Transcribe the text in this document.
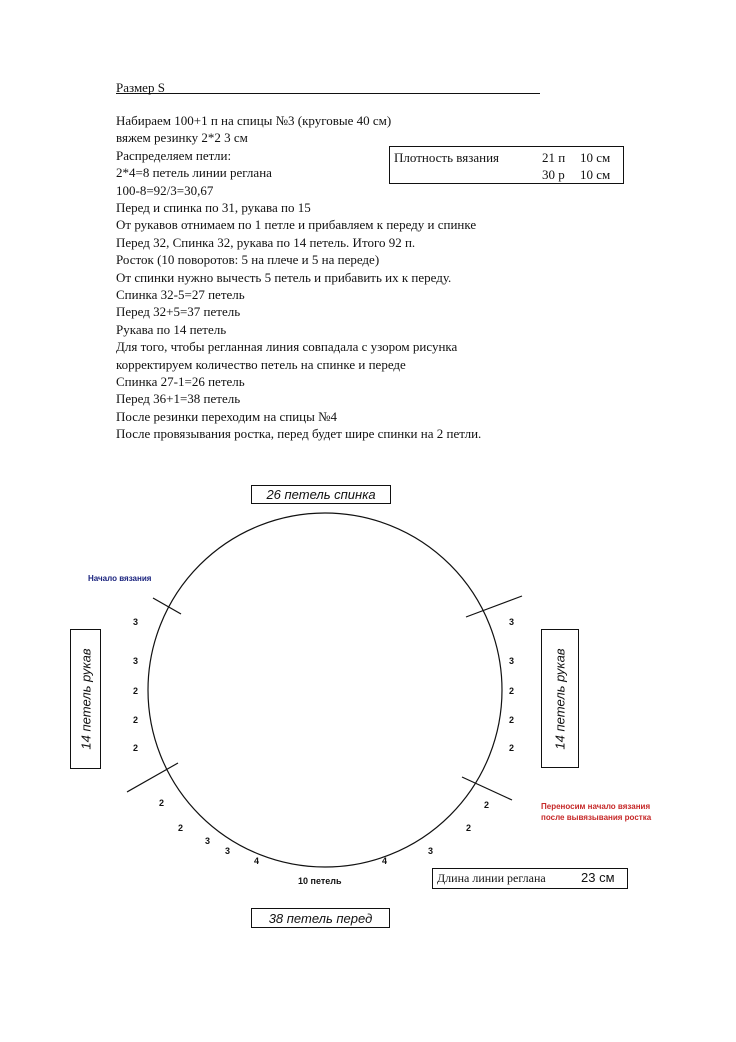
Размер S
Набираем 100+1 п на спицы №3 (круговые 40 см)
вяжем резинку 2*2 3 см
Распределяем петли:
2*4=8 петель линии реглана
100-8=92/3=30,67
Перед и спинка по 31, рукава по 15
От рукавов отнимаем по 1 петле и прибавляем к переду и спинке
Перед 32, Спинка 32, рукава по 14 петель. Итого 92 п.
Росток (10 поворотов: 5 на плече и 5 на переде)
От спинки нужно вычесть 5 петель и прибавить их к переду.
Спинка 32-5=27 петель
Перед 32+5=37 петель
Рукава по 14 петель
Для того, чтобы регланная линия совпадала с узором рисунка
корректируем количество петель на спинке и переде
Спинка 27-1=26 петель
Перед 36+1=38 петель
После резинки переходим на спицы №4
После провязывания ростка, перед будет шире спинки на 2 петли.
Плотность вязания	21 п 10 см
30 р 10 см
26 петель спинка
38 петель перед
14 петель рукав	14 петель рукав
Начало вязания
Переносим начало вязания
после вывязывания ростка
3
3
2
2
2
3
3
2
2
2
2
2
3
3
4
2
2
3
4
10 петель	Длина линии реглана	23 см
